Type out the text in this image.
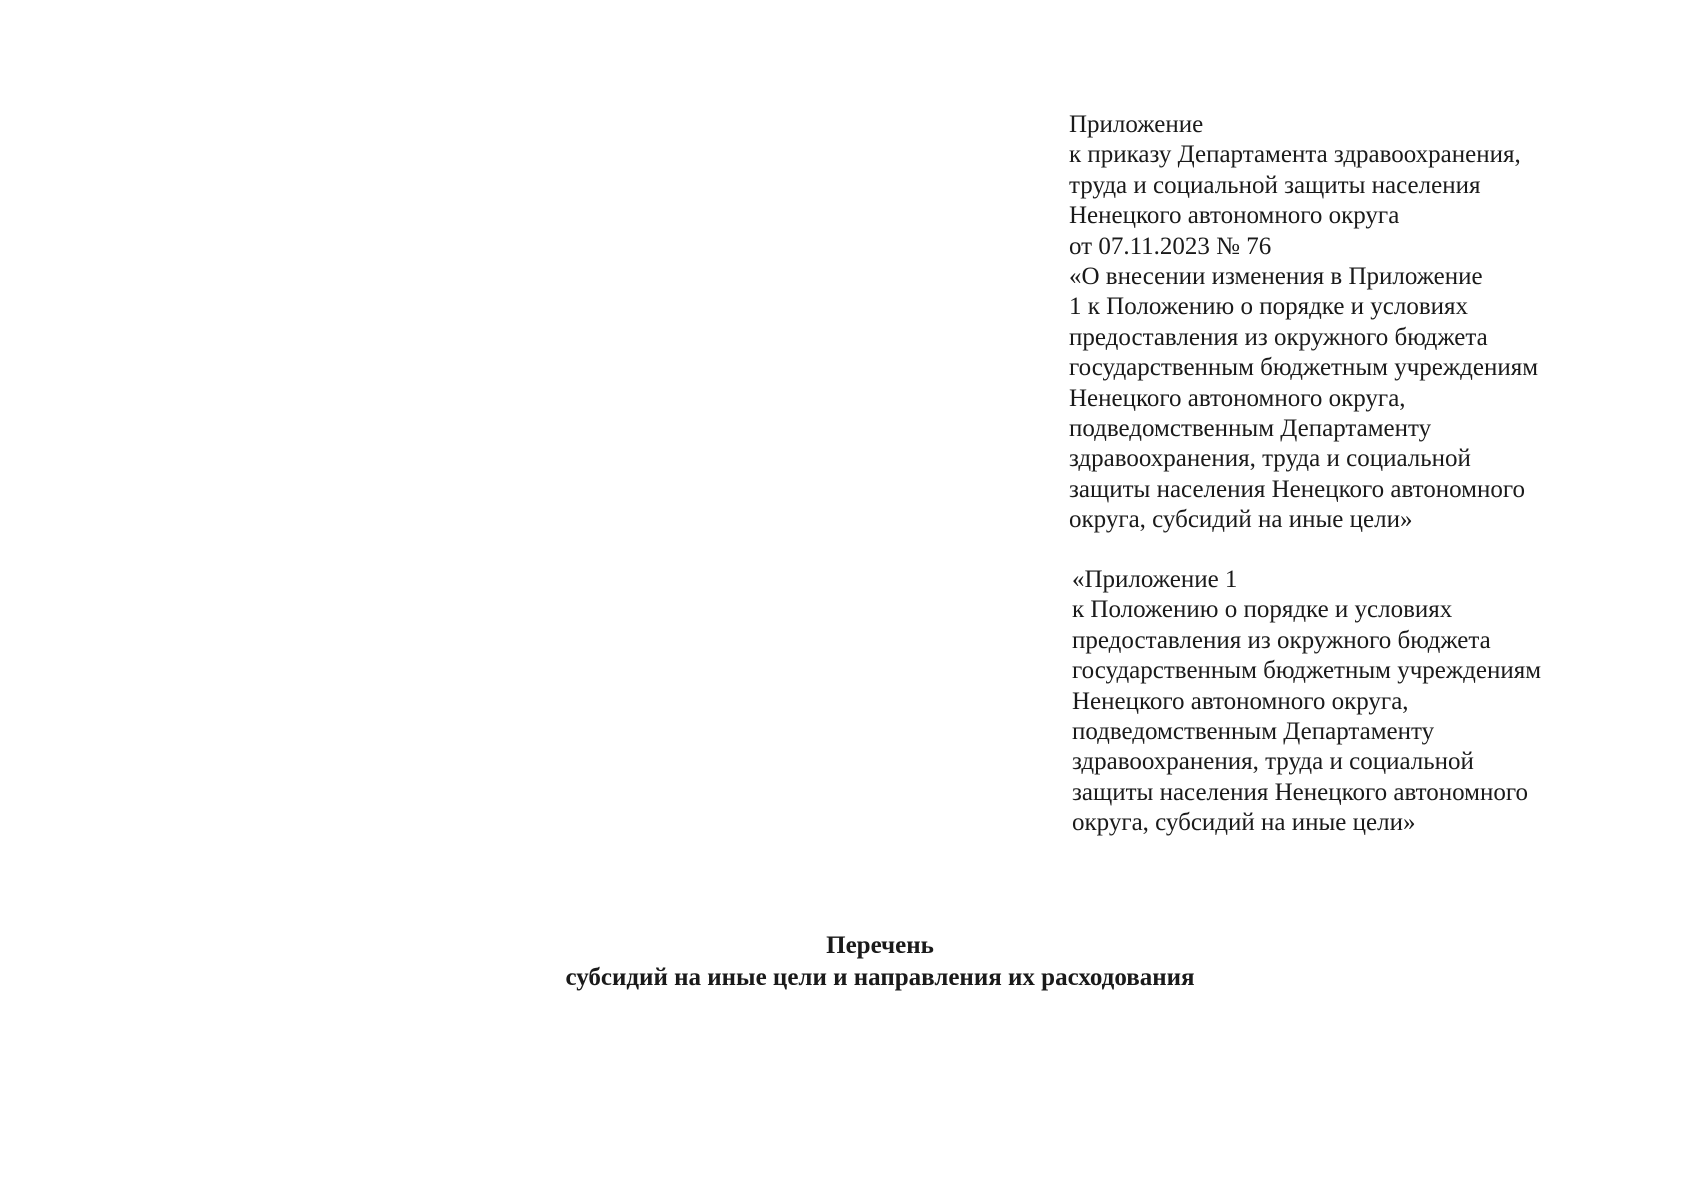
Приложение
к приказу Департамента здравоохранения,
труда и социальной защиты населения
Ненецкого автономного округа
от 07.11.2023 № 76
«О внесении изменения в Приложение
1 к Положению о порядке и условиях
предоставления из окружного бюджета
государственным бюджетным учреждениям
Ненецкого автономного округа,
подведомственным Департаменту
здравоохранения, труда и социальной
защиты населения Ненецкого автономного
округа, субсидий на иные цели»
«Приложение 1
к Положению о порядке и условиях
предоставления из окружного бюджета
государственным бюджетным учреждениям
Ненецкого автономного округа,
подведомственным Департаменту
здравоохранения, труда и социальной
защиты населения Ненецкого автономного
округа, субсидий на иные цели»
Перечень
субсидий на иные цели и направления их расходования
